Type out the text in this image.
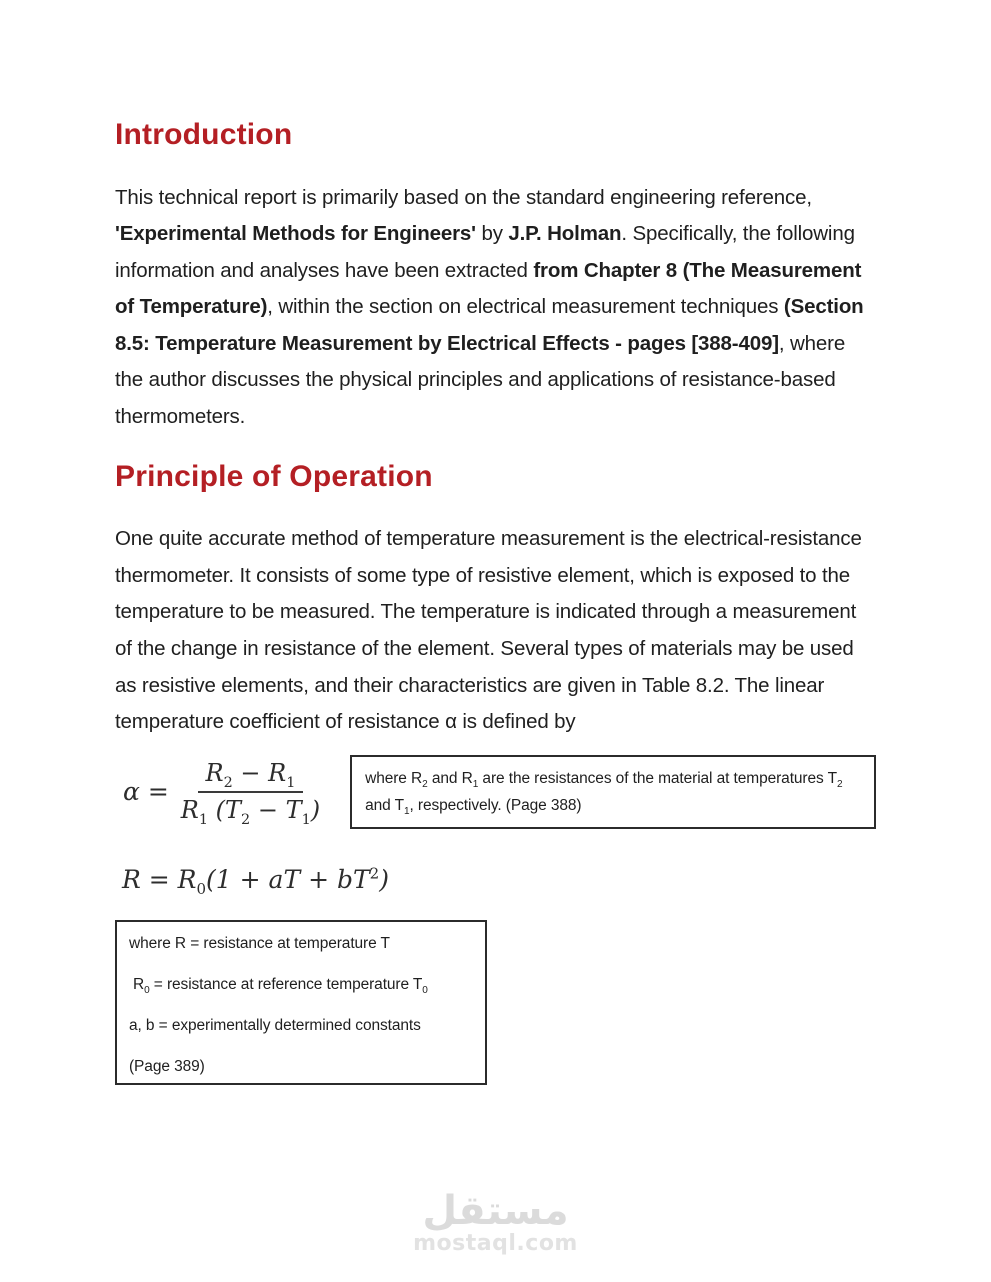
Introduction

This technical report is primarily based on the standard engineering reference, 'Experimental Methods for Engineers' by J.P. Holman. Specifically, the following information and analyses have been extracted from Chapter 8 (The Measurement of Temperature), within the section on electrical measurement techniques (Section 8.5: Temperature Measurement by Electrical Effects - pages [388-409], where the author discusses the physical principles and applications of resistance-based thermometers.

Principle of Operation

One quite accurate method of temperature measurement is the electrical-resistance thermometer. It consists of some type of resistive element, which is exposed to the temperature to be measured. The temperature is indicated through a measurement of the change in resistance of the element. Several types of materials may be used as resistive elements, and their characteristics are given in Table 8.2. The linear temperature coefficient of resistance α is defined by

$\alpha = \frac{R_2 - R_1}{R_1 (T_2 - T_1)}$	where $R_2$ and $R_1$ are the resistances of the material at temperatures $T_2$ and $T_1$, respectively. (Page 388)
$R = R_0(1$ + aT + $bT^2$)

where R = resistance at temperature T

$R_0$ = resistance at reference temperature $T_0$

a, b = experimentally determined constants

(Page 389)

مستقل
mostaql.com
